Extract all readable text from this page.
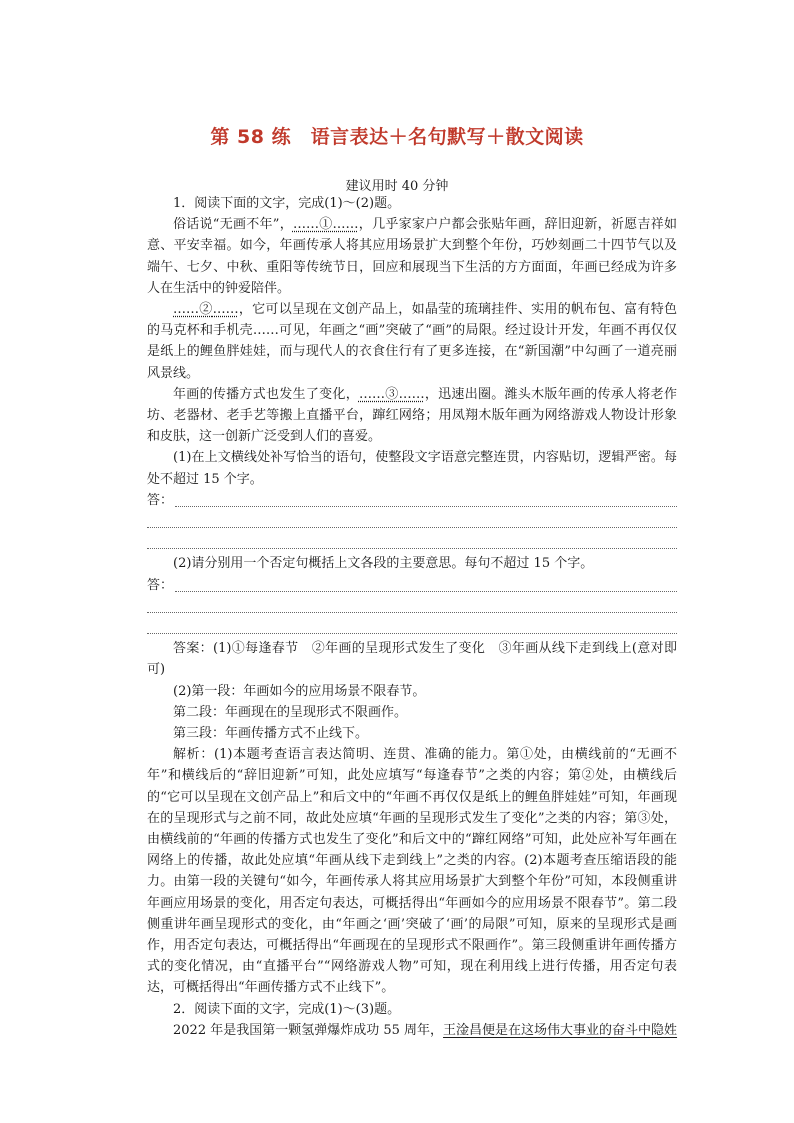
第 58 练　语言表达＋名句默写＋散文阅读
建议用时 40 分钟

1．阅读下面的文字，完成(1)～(2)题。

俗话说“无画不年”，……①……，几乎家家户户都会张贴年画，辞旧迎新，祈愿吉祥如意、平安幸福。如今，年画传承人将其应用场景扩大到整个年份，巧妙刻画二十四节气以及端午、七夕、中秋、重阳等传统节日，回应和展现当下生活的方方面面，年画已经成为许多人在生活中的钟爱陪伴。

……②……，它可以呈现在文创产品上，如晶莹的琉璃挂件、实用的帆布包、富有特色的马克杯和手机壳……可见，年画之“画”突破了“画”的局限。经过设计开发，年画不再仅仅是纸上的鲤鱼胖娃娃，而与现代人的衣食住行有了更多连接，在“新国潮”中勾画了一道亮丽风景线。

年画的传播方式也发生了变化，……③……，迅速出圈。潍头木版年画的传承人将老作坊、老器材、老手艺等搬上直播平台，蹿红网络；用凤翔木版年画为网络游戏人物设计形象和皮肤，这一创新广泛受到人们的喜爱。

(1)在上文横线处补写恰当的语句，使整段文字语意完整连贯，内容贴切，逻辑严密。每处不超过 15 个字。

答：

(2)请分别用一个否定句概括上文各段的主要意思。每句不超过 15 个字。

答：

答案：(1)①每逢春节　②年画的呈现形式发生了变化　③年画从线下走到线上(意对即可)

(2)第一段：年画如今的应用场景不限春节。

第二段：年画现在的呈现形式不限画作。

第三段：年画传播方式不止线下。

解析：(1)本题考查语言表达简明、连贯、准确的能力。第①处，由横线前的“无画不年”和横线后的“辞旧迎新”可知，此处应填写“每逢春节”之类的内容；第②处，由横线后的“它可以呈现在文创产品上”和后文中的“年画不再仅仅是纸上的鲤鱼胖娃娃”可知，年画现在的呈现形式与之前不同，故此处应填“年画的呈现形式发生了变化”之类的内容；第③处，由横线前的“年画的传播方式也发生了变化”和后文中的“蹿红网络”可知，此处应补写年画在网络上的传播，故此处应填“年画从线下走到线上”之类的内容。(2)本题考查压缩语段的能力。由第一段的关键句“如今，年画传承人将其应用场景扩大到整个年份”可知，本段侧重讲年画应用场景的变化，用否定句表达，可概括得出“年画如今的应用场景不限春节”。第二段侧重讲年画呈现形式的变化，由“年画之‘画’突破了‘画’的局限”可知，原来的呈现形式是画作，用否定句表达，可概括得出“年画现在的呈现形式不限画作”。第三段侧重讲年画传播方式的变化情况，由“直播平台”“网络游戏人物”可知，现在利用线上进行传播，用否定句表达，可概括得出“年画传播方式不止线下”。

2．阅读下面的文字，完成(1)～(3)题。

2022 年是我国第一颗氢弹爆炸成功 55 周年，王淦昌便是在这场伟大事业的奋斗中隐姓
